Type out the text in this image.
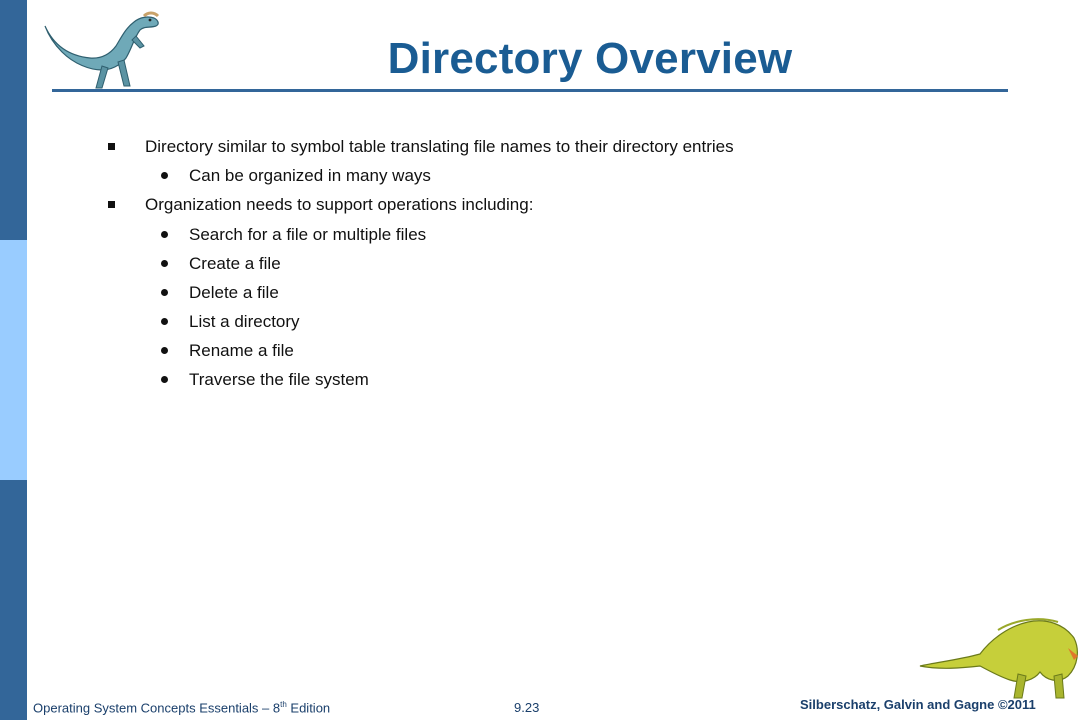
Directory Overview
Directory similar to symbol table translating file names to their directory entries
Can be organized in many ways
Organization needs to support operations including:
Search for a file or multiple files
Create a file
Delete a file
List a directory
Rename a file
Traverse the file system
Operating System Concepts Essentials – 8th Edition	9.23	Silberschatz, Galvin and Gagne ©2011
